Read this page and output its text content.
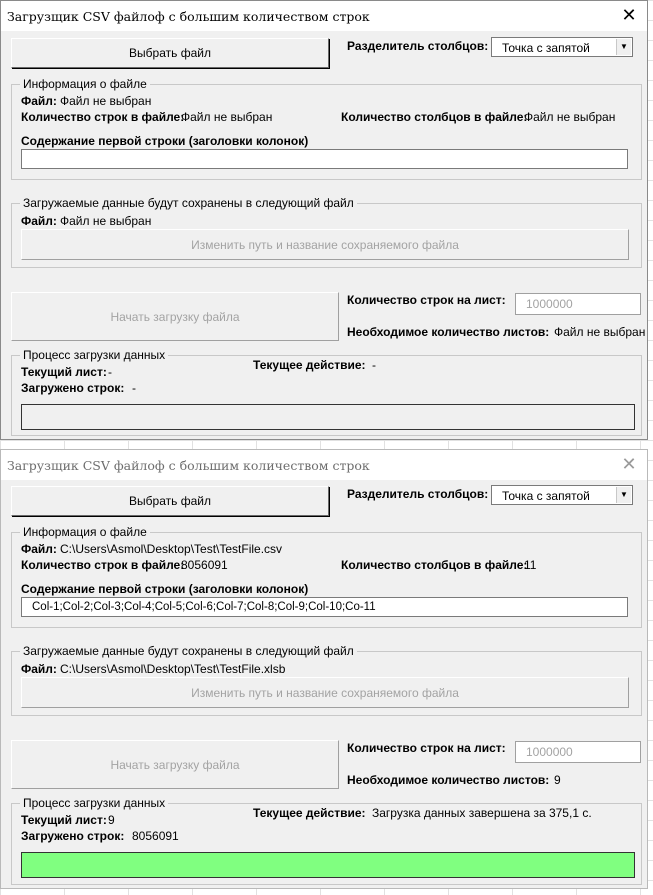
Загрузщик CSV файлоф с большим количеством строк	✕
Выбрать файл	Разделитель столбцов: Точка с запятой	▼
Информация о файле
Файл: Файл не выбран
Количество строк в файле:
Файл не выбран	Количество столбцов в файле:
Файл не выбран
Содержание первой строки (заголовки колонок)
Загружаемые данные будут сохранены в следующий файл
Файл: Файл не выбран
Изменить путь и название сохраняемого файла
Начать загрузку файла
Количество строк на лист:	1000000
Необходимое количество листов: Файл не выбран
Процесс загрузки данных
Текущий лист: -	Текущее действие: -
Загружено строк: -
Загрузщик CSV файлоф с большим количеством строк	✕
Выбрать файл	Разделитель столбцов: Точка с запятой	▼
Информация о файле
Файл: C:\Users\Asmol\Desktop\Test\TestFile.csv
Количество строк в файле:
8056091	Количество столбцов в файле:
11
Содержание первой строки (заголовки колонок)
Col-1;Col-2;Col-3;Col-4;Col-5;Col-6;Col-7;Col-8;Col-9;Col-10;Co-11
Загружаемые данные будут сохранены в следующий файл
Файл: C:\Users\Asmol\Desktop\Test\TestFile.xlsb
Изменить путь и название сохраняемого файла
Начать загрузку файла
Количество строк на лист:	1000000
Необходимое количество листов: 9
Процесс загрузки данных
Текущий лист: 9	Текущее действие: Загрузка данных завершена за 375,1 с.
Загружено строк: 8056091
